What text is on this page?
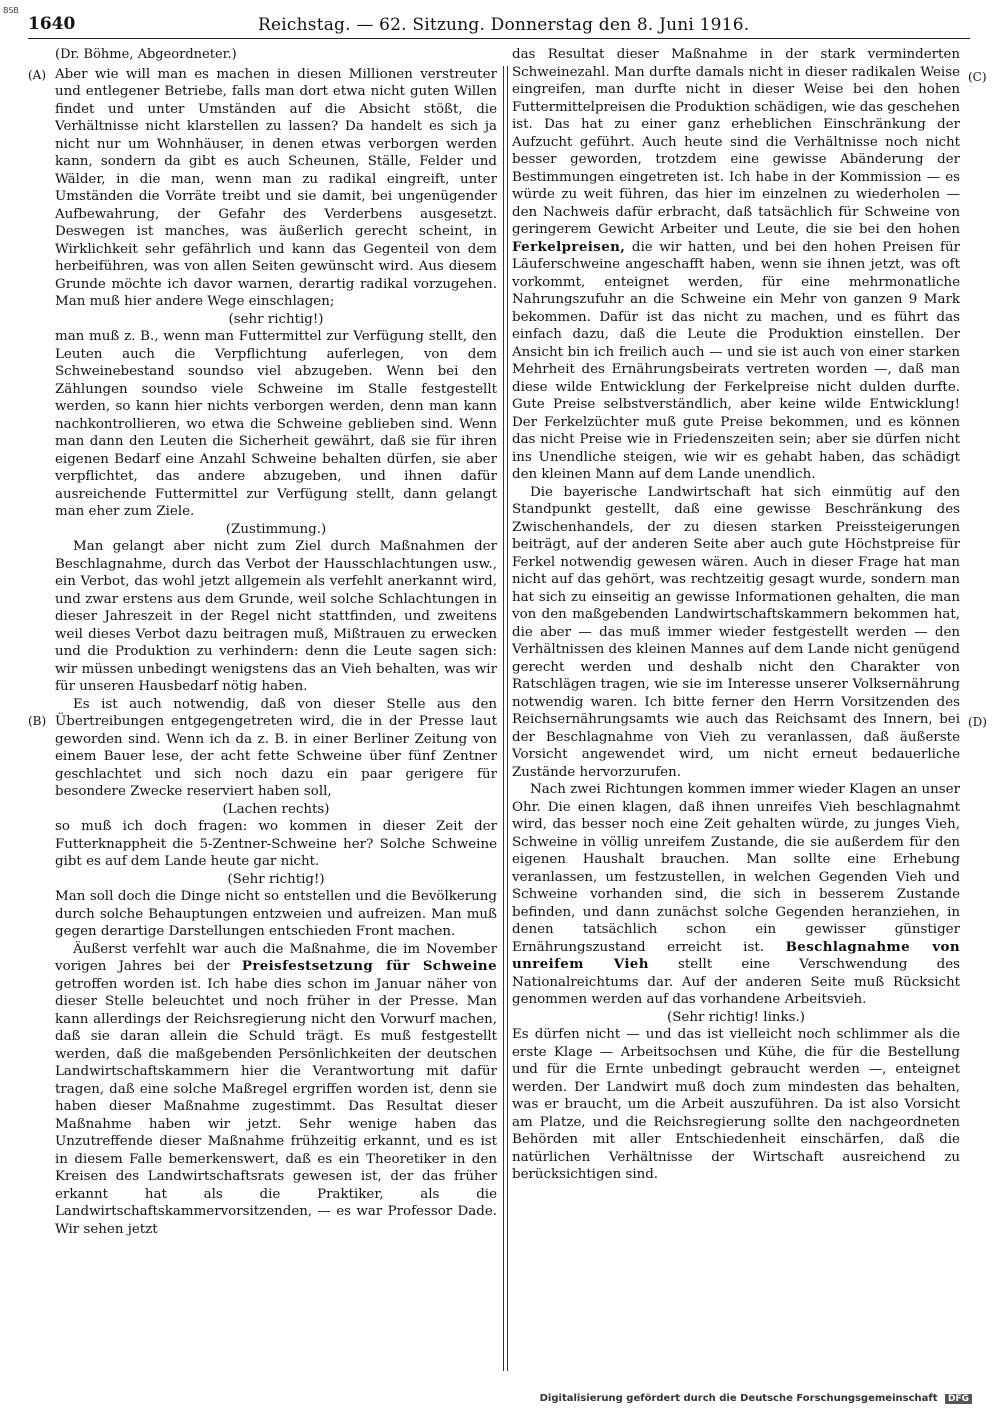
BSB
1640	Reichstag. — 62. Sitzung. Donnerstag den 8. Juni 1916.
(A)
(B)
(C)
(D)

(Dr. Böhme, Abgeordneter.)

Aber wie will man es machen in diesen Millionen verstreuter und entlegener Betriebe, falls man dort etwa nicht guten Willen findet und unter Umständen auf die Absicht stößt, die Verhältnisse nicht klarstellen zu lassen? Da handelt es sich ja nicht nur um Wohnhäuser, in denen etwas verborgen werden kann, sondern da gibt es auch Scheunen, Ställe, Felder und Wälder, in die man, wenn man zu radikal eingreift, unter Umständen die Vorräte treibt und sie damit, bei ungenügender Aufbewahrung, der Gefahr des Verderbens ausgesetzt. Deswegen ist manches, was äußerlich gerecht scheint, in Wirklichkeit sehr gefährlich und kann das Gegenteil von dem herbeiführen, was von allen Seiten gewünscht wird. Aus diesem Grunde möchte ich davor warnen, derartig radikal vorzugehen. Man muß hier andere Wege einschlagen;

(sehr richtig!)

man muß z. B., wenn man Futtermittel zur Verfügung stellt, den Leuten auch die Verpflichtung auferlegen, von dem Schweinebestand soundso viel abzugeben. Wenn bei den Zählungen soundso viele Schweine im Stalle festgestellt werden, so kann hier nichts verborgen werden, denn man kann nachkontrollieren, wo etwa die Schweine geblieben sind. Wenn man dann den Leuten die Sicherheit gewährt, daß sie für ihren eigenen Bedarf eine Anzahl Schweine behalten dürfen, sie aber verpflichtet, das andere abzugeben, und ihnen dafür ausreichende Futtermittel zur Verfügung stellt, dann gelangt man eher zum Ziele.

(Zustimmung.)

Man gelangt aber nicht zum Ziel durch Maßnahmen der Beschlagnahme, durch das Verbot der Hausschlachtungen usw., ein Verbot, das wohl jetzt allgemein als verfehlt anerkannt wird, und zwar erstens aus dem Grunde, weil solche Schlachtungen in dieser Jahreszeit in der Regel nicht stattfinden, und zweitens weil dieses Verbot dazu beitragen muß, Mißtrauen zu erwecken und die Produktion zu verhindern: denn die Leute sagen sich: wir müssen unbedingt wenigstens das an Vieh behalten, was wir für unseren Hausbedarf nötig haben.

Es ist auch notwendig, daß von dieser Stelle aus den Übertreibungen entgegengetreten wird, die in der Presse laut geworden sind. Wenn ich da z. B. in einer Berliner Zeitung von einem Bauer lese, der acht fette Schweine über fünf Zentner geschlachtet und sich noch dazu ein paar gerigere für besondere Zwecke reserviert haben soll,

(Lachen rechts)

so muß ich doch fragen: wo kommen in dieser Zeit der Futterknappheit die 5-Zentner-Schweine her? Solche Schweine gibt es auf dem Lande heute gar nicht.

(Sehr richtig!)

Man soll doch die Dinge nicht so entstellen und die Bevölkerung durch solche Behauptungen entzweien und aufreizen. Man muß gegen derartige Darstellungen entschieden Front machen.

Äußerst verfehlt war auch die Maßnahme, die im November vorigen Jahres bei der Preisfestsetzung für Schweine getroffen worden ist. Ich habe dies schon im Januar näher von dieser Stelle beleuchtet und noch früher in der Presse. Man kann allerdings der Reichsregierung nicht den Vorwurf machen, daß sie daran allein die Schuld trägt. Es muß festgestellt werden, daß die maßgebenden Persönlichkeiten der deutschen Landwirtschaftskammern hier die Verantwortung mit dafür tragen, daß eine solche Maßregel ergriffen worden ist, denn sie haben dieser Maßnahme zugestimmt. Das Resultat dieser Maßnahme haben wir jetzt. Sehr wenige haben das Unzutreffende dieser Maßnahme frühzeitig erkannt, und es ist in diesem Falle bemerkenswert, daß es ein Theoretiker in den Kreisen des Landwirtschaftsrats gewesen ist, der das früher erkannt hat als die Praktiker, als die Landwirtschaftskammervorsitzenden, — es war Professor Dade. Wir sehen jetzt

das Resultat dieser Maßnahme in der stark verminderten Schweinezahl. Man durfte damals nicht in dieser radikalen Weise eingreifen, man durfte nicht in dieser Weise bei den hohen Futtermittelpreisen die Produktion schädigen, wie das geschehen ist. Das hat zu einer ganz erheblichen Einschränkung der Aufzucht geführt. Auch heute sind die Verhältnisse noch nicht besser geworden, trotzdem eine gewisse Abänderung der Bestimmungen eingetreten ist. Ich habe in der Kommission — es würde zu weit führen, das hier im einzelnen zu wiederholen — den Nachweis dafür erbracht, daß tatsächlich für Schweine von geringerem Gewicht Arbeiter und Leute, die sie bei den hohen Ferkelpreisen, die wir hatten, und bei den hohen Preisen für Läuferschweine angeschafft haben, wenn sie ihnen jetzt, was oft vorkommt, enteignet werden, für eine mehrmonatliche Nahrungszufuhr an die Schweine ein Mehr von ganzen 9 Mark bekommen. Dafür ist das nicht zu machen, und es führt das einfach dazu, daß die Leute die Produktion einstellen. Der Ansicht bin ich freilich auch — und sie ist auch von einer starken Mehrheit des Ernährungsbeirats vertreten worden —, daß man diese wilde Entwicklung der Ferkelpreise nicht dulden durfte. Gute Preise selbstverständlich, aber keine wilde Entwicklung! Der Ferkelzüchter muß gute Preise bekommen, und es können das nicht Preise wie in Friedenszeiten sein; aber sie dürfen nicht ins Unendliche steigen, wie wir es gehabt haben, das schädigt den kleinen Mann auf dem Lande unendlich.

Die bayerische Landwirtschaft hat sich einmütig auf den Standpunkt gestellt, daß eine gewisse Beschränkung des Zwischenhandels, der zu diesen starken Preissteigerungen beiträgt, auf der anderen Seite aber auch gute Höchstpreise für Ferkel notwendig gewesen wären. Auch in dieser Frage hat man nicht auf das gehört, was rechtzeitig gesagt wurde, sondern man hat sich zu einseitig an gewisse Informationen gehalten, die man von den maßgebenden Landwirtschaftskammern bekommen hat, die aber — das muß immer wieder festgestellt werden — den Verhältnissen des kleinen Mannes auf dem Lande nicht genügend gerecht werden und deshalb nicht den Charakter von Ratschlägen tragen, wie sie im Interesse unserer Volksernährung notwendig waren. Ich bitte ferner den Herrn Vorsitzenden des Reichsernährungsamts wie auch das Reichsamt des Innern, bei der Beschlagnahme von Vieh zu veranlassen, daß äußerste Vorsicht angewendet wird, um nicht erneut bedauerliche Zustände hervorzurufen.

Nach zwei Richtungen kommen immer wieder Klagen an unser Ohr. Die einen klagen, daß ihnen unreifes Vieh beschlagnahmt wird, das besser noch eine Zeit gehalten würde, zu junges Vieh, Schweine in völlig unreifem Zustande, die sie außerdem für den eigenen Haushalt brauchen. Man sollte eine Erhebung veranlassen, um festzustellen, in welchen Gegenden Vieh und Schweine vorhanden sind, die sich in besserem Zustande befinden, und dann zunächst solche Gegenden heranziehen, in denen tatsächlich schon ein gewisser günstiger Ernährungszustand erreicht ist. Beschlagnahme von unreifem Vieh stellt eine Verschwendung des Nationalreichtums dar. Auf der anderen Seite muß Rücksicht genommen werden auf das vorhandene Arbeitsvieh.

(Sehr richtig! links.)

Es dürfen nicht — und das ist vielleicht noch schlimmer als die erste Klage — Arbeitsochsen und Kühe, die für die Bestellung und für die Ernte unbedingt gebraucht werden —, enteignet werden. Der Landwirt muß doch zum mindesten das behalten, was er braucht, um die Arbeit auszuführen. Da ist also Vorsicht am Platze, und die Reichsregierung sollte den nachgeordneten Behörden mit aller Entschiedenheit einschärfen, daß die natürlichen Verhältnisse der Wirtschaft ausreichend zu berücksichtigen sind.

Digitalisierung gefördert durch die Deutsche Forschungsgemeinschaft DFG
